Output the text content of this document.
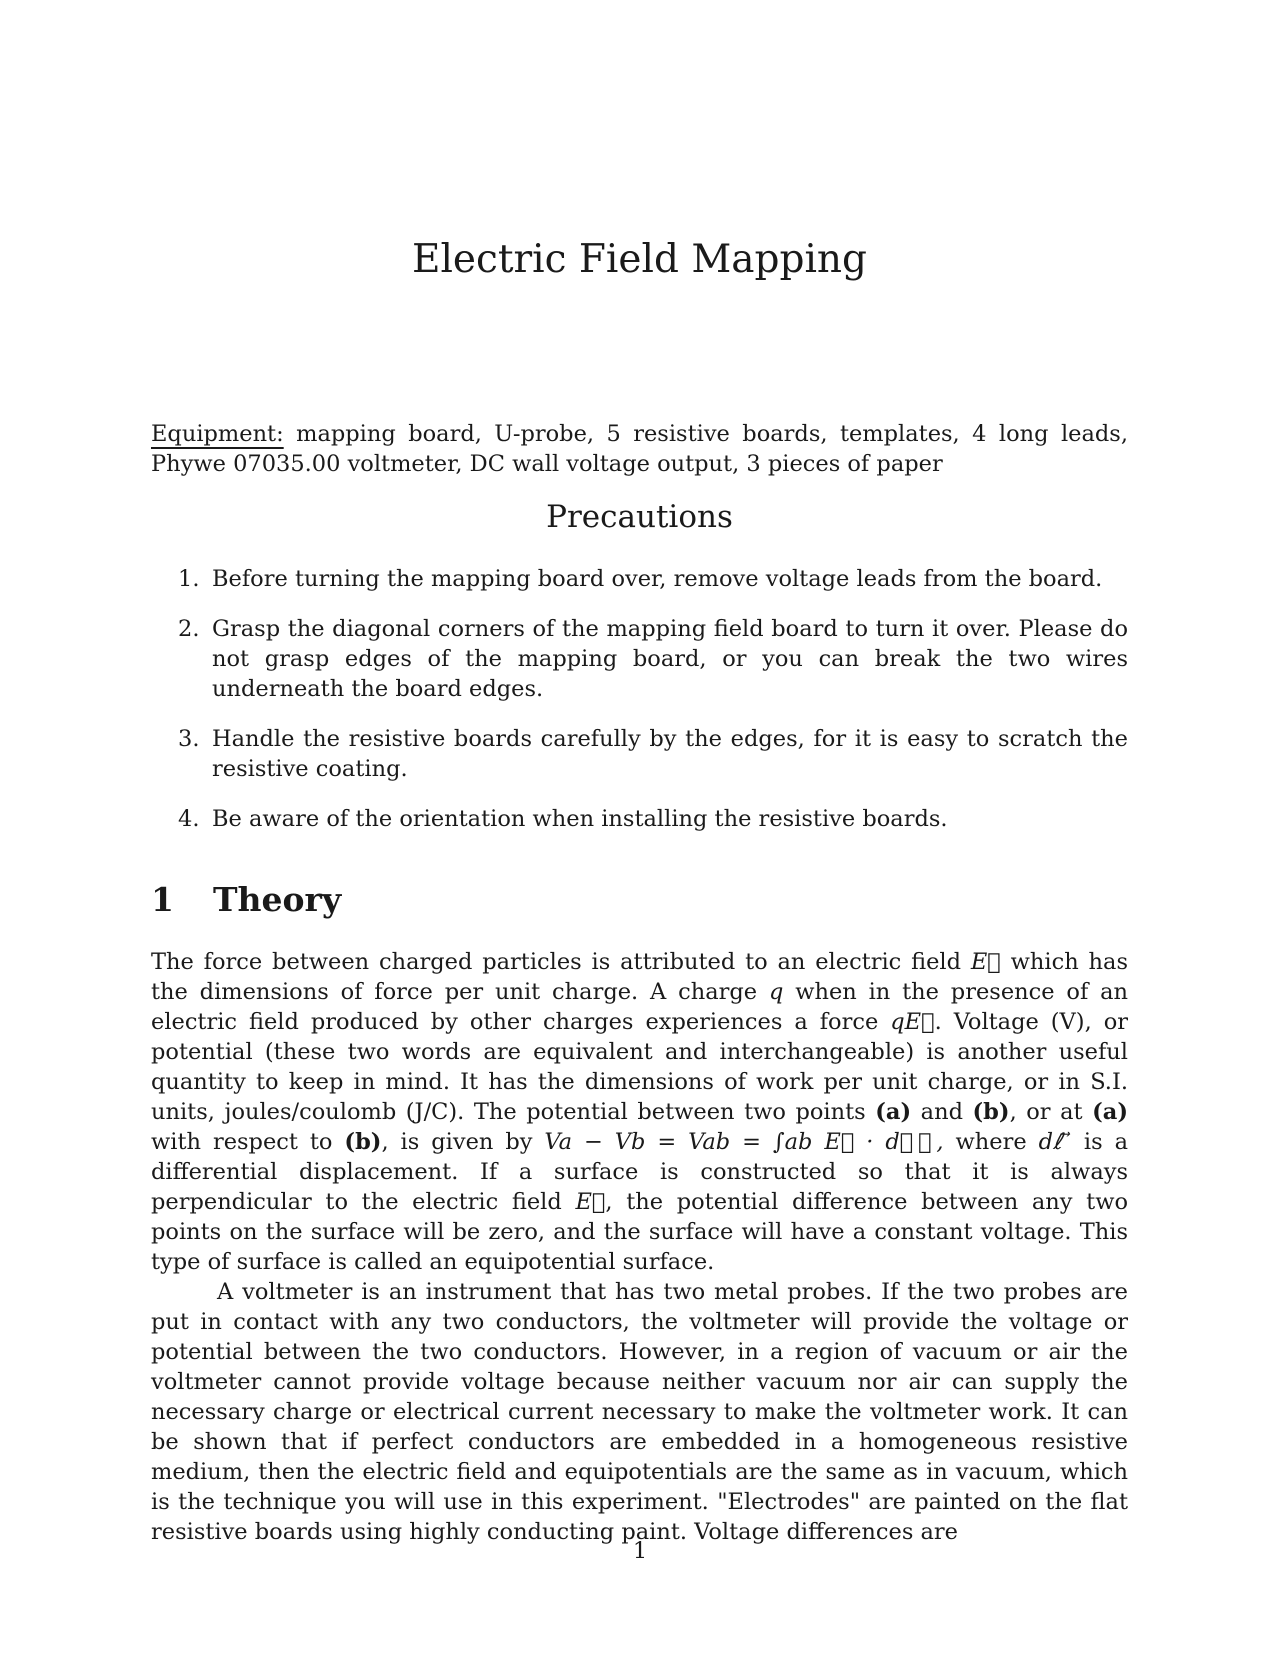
Electric Field Mapping
Equipment: mapping board, U-probe, 5 resistive boards, templates, 4 long leads, Phywe 07035.00 voltmeter, DC wall voltage output, 3 pieces of paper
Precautions
1. Before turning the mapping board over, remove voltage leads from the board.
2. Grasp the diagonal corners of the mapping field board to turn it over. Please do not grasp edges of the mapping board, or you can break the two wires underneath the board edges.
3. Handle the resistive boards carefully by the edges, for it is easy to scratch the resistive coating.
4. Be aware of the orientation when installing the resistive boards.
1 Theory

The force between charged particles is attributed to an electric field E⃗ which has the dimensions of force per unit charge. A charge q when in the presence of an electric field produced by other charges experiences a force qE⃗. Voltage (V), or potential (these two words are equivalent and interchangeable) is another useful quantity to keep in mind. It has the dimensions of work per unit charge, or in S.I. units, joules/coulomb (J/C). The potential between two points (a) and (b), or at (a) with respect to (b), is given by Va − Vb = Vab = ∫ab E⃗ · dℓ⃗, where dℓ⃗ is a differential displacement. If a surface is constructed so that it is always perpendicular to the electric field E⃗, the potential difference between any two points on the surface will be zero, and the surface will have a constant voltage. This type of surface is called an equipotential surface.

A voltmeter is an instrument that has two metal probes. If the two probes are put in contact with any two conductors, the voltmeter will provide the voltage or potential between the two conductors. However, in a region of vacuum or air the voltmeter cannot provide voltage because neither vacuum nor air can supply the necessary charge or electrical current necessary to make the voltmeter work. It can be shown that if perfect conductors are embedded in a homogeneous resistive medium, then the electric field and equipotentials are the same as in vacuum, which is the technique you will use in this experiment. "Electrodes" are painted on the flat resistive boards using highly conducting paint. Voltage differences are

1
